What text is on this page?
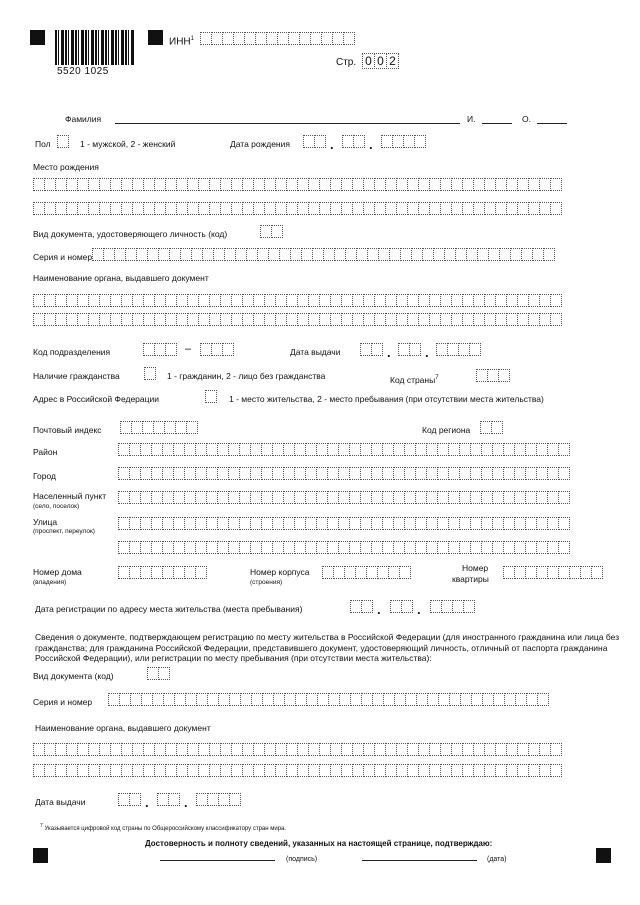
5520 1025
ИНН$^1$
Стр. 0 0 2
Фамилия	И.	О.
Пол	1 - мужской, 2 - женский	Дата рождения	.	.
Место рождения
Вид документа, удостоверяющего личность (код)
Серия и номер
Наименование органа, выдавшего документ
Код подразделения	–	Дата выдачи	.	.
Наличие гражданства	1 - гражданин, 2 - лицо без гражданства	Код страны$^7$
Адрес в Российской Федерации	1 - место жительства, 2 - место пребывания (при отсутствии места жительства)
Почтовый индекс	Код региона
Район
Город
Населенный пункт
(село, поселок)
Улица
(проспект, переулок)
Номер дома
(владения)
Номер корпуса
(строения)
Номер
квартиры
Дата регистрации по адресу места жительства (места пребывания)	.	.
Сведения о документе, подтверждающем регистрацию по месту жительства в Российской Федерации (для иностранного гражданина или лица без гражданства; для гражданина Российской Федерации, представившего документ, удостоверяющий личность, отличный от паспорта гражданина Российской Федерации), или регистрации по месту пребывания (при отсутствии места жительства):
Вид документа (код)
Серия и номер
Наименование органа, выдавшего документ
Дата выдачи	.	.
$^7$ Указывается цифровой код страны по Общероссийскому классификатору стран мира.
Достоверность и полноту сведений, указанных на настоящей странице, подтверждаю:
(подпись)	(дата)
